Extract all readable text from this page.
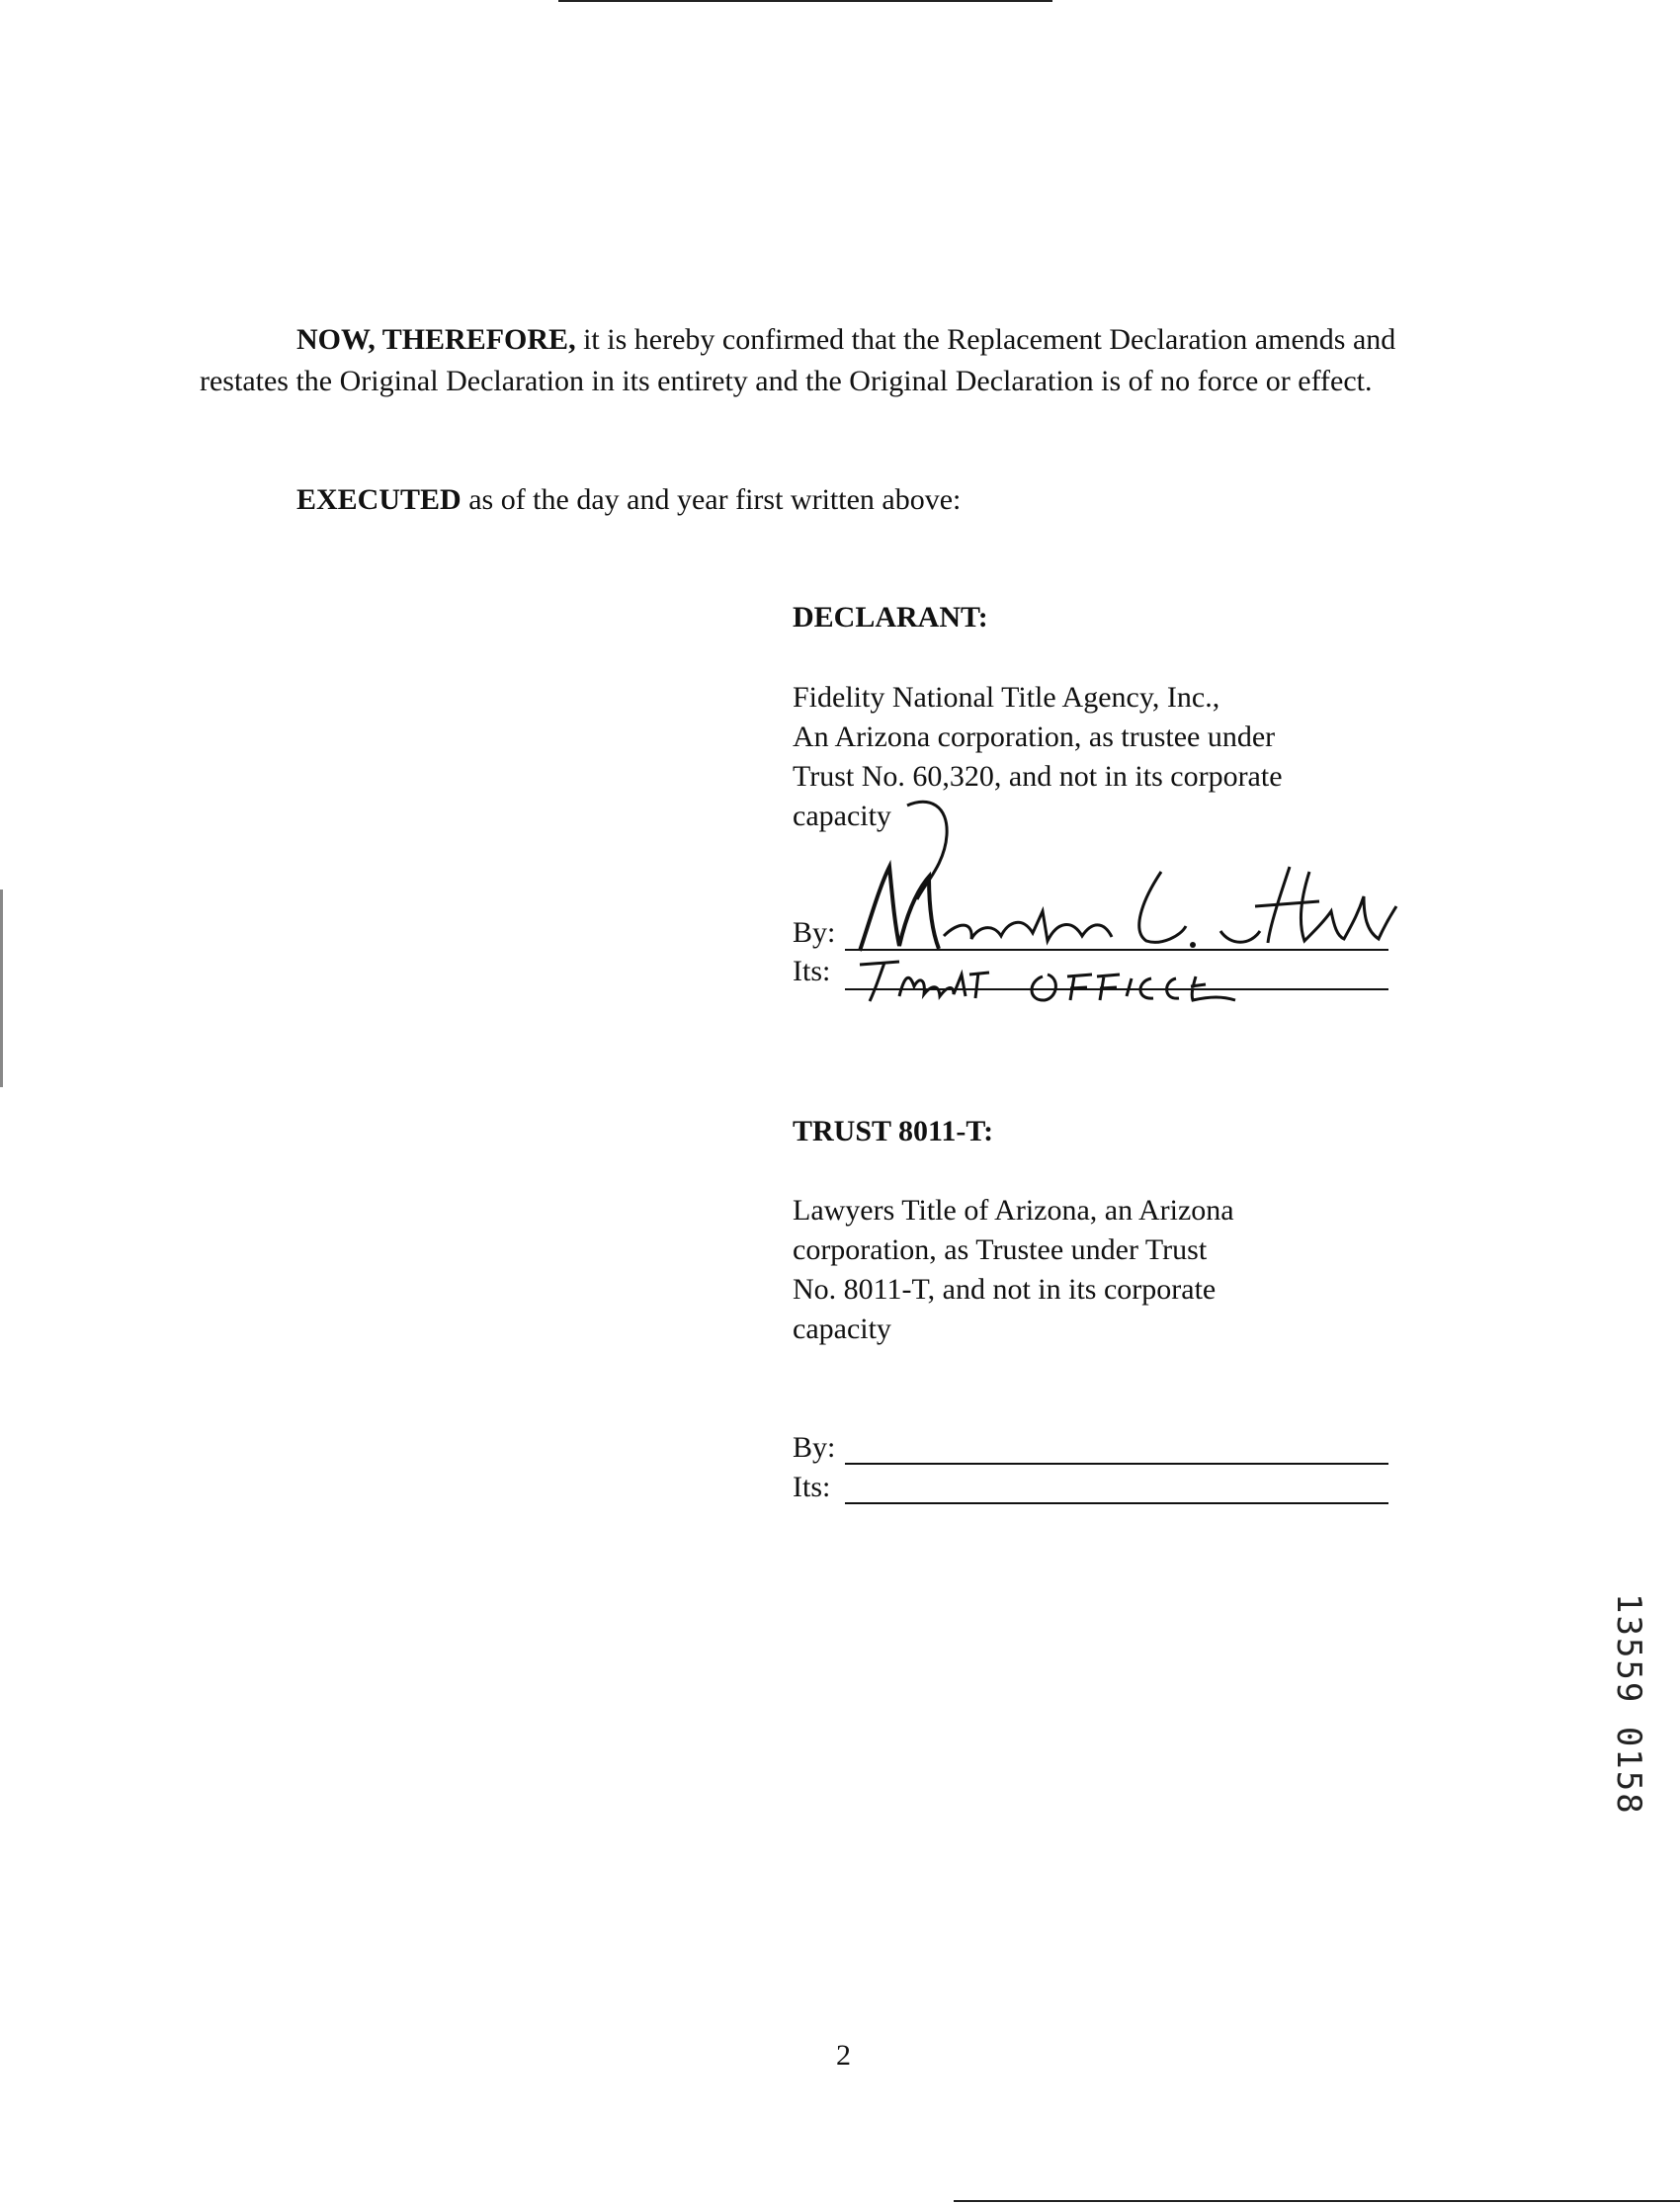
NOW, THEREFORE, it is hereby confirmed that the Replacement Declaration amends and
restates the Original Declaration in its entirety and the Original Declaration is of no force or effect.
EXECUTED as of the day and year first written above:
DECLARANT:
Fidelity National Title Agency, Inc.,
An Arizona corporation, as trustee under
Trust No. 60,320, and not in its corporate
capacity
By:
Its:
TRUST 8011-T:
Lawyers Title of Arizona, an Arizona
corporation, as Trustee under Trust
No. 8011-T, and not in its corporate
capacity
By:
Its:
13559 0158
2
